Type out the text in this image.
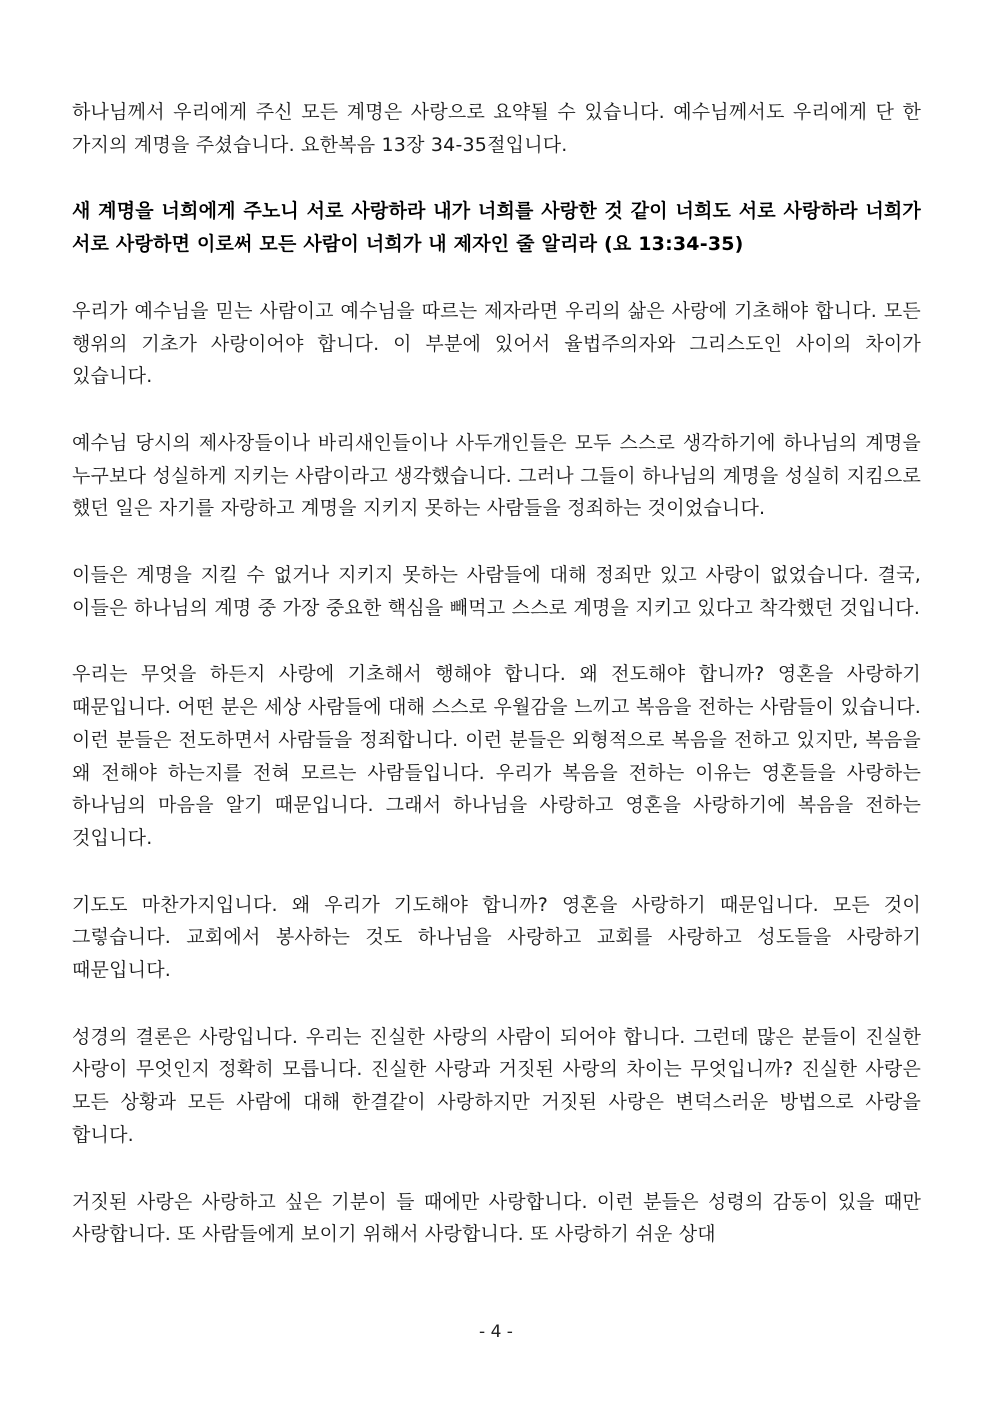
하나님께서 우리에게 주신 모든 계명은 사랑으로 요약될 수 있습니다. 예수님께서도 우리에게 단 한 가지의 계명을 주셨습니다. 요한복음 13장 34-35절입니다.

새 계명을 너희에게 주노니 서로 사랑하라 내가 너희를 사랑한 것 같이 너희도 서로 사랑하라 너희가 서로 사랑하면 이로써 모든 사람이 너희가 내 제자인 줄 알리라 (요 13:34-35)

우리가 예수님을 믿는 사람이고 예수님을 따르는 제자라면 우리의 삶은 사랑에 기초해야 합니다. 모든 행위의 기초가 사랑이어야 합니다. 이 부분에 있어서 율법주의자와 그리스도인 사이의 차이가 있습니다.

예수님 당시의 제사장들이나 바리새인들이나 사두개인들은 모두 스스로 생각하기에 하나님의 계명을 누구보다 성실하게 지키는 사람이라고 생각했습니다. 그러나 그들이 하나님의 계명을 성실히 지킴으로 했던 일은 자기를 자랑하고 계명을 지키지 못하는 사람들을 정죄하는 것이었습니다.

이들은 계명을 지킬 수 없거나 지키지 못하는 사람들에 대해 정죄만 있고 사랑이 없었습니다. 결국, 이들은 하나님의 계명 중 가장 중요한 핵심을 빼먹고 스스로 계명을 지키고 있다고 착각했던 것입니다.

우리는 무엇을 하든지 사랑에 기초해서 행해야 합니다. 왜 전도해야 합니까? 영혼을 사랑하기 때문입니다. 어떤 분은 세상 사람들에 대해 스스로 우월감을 느끼고 복음을 전하는 사람들이 있습니다. 이런 분들은 전도하면서 사람들을 정죄합니다. 이런 분들은 외형적으로 복음을 전하고 있지만, 복음을 왜 전해야 하는지를 전혀 모르는 사람들입니다. 우리가 복음을 전하는 이유는 영혼들을 사랑하는 하나님의 마음을 알기 때문입니다. 그래서 하나님을 사랑하고 영혼을 사랑하기에 복음을 전하는 것입니다.

기도도 마찬가지입니다. 왜 우리가 기도해야 합니까? 영혼을 사랑하기 때문입니다. 모든 것이 그렇습니다. 교회에서 봉사하는 것도 하나님을 사랑하고 교회를 사랑하고 성도들을 사랑하기 때문입니다.

성경의 결론은 사랑입니다. 우리는 진실한 사랑의 사람이 되어야 합니다. 그런데 많은 분들이 진실한 사랑이 무엇인지 정확히 모릅니다. 진실한 사랑과 거짓된 사랑의 차이는 무엇입니까? 진실한 사랑은 모든 상황과 모든 사람에 대해 한결같이 사랑하지만 거짓된 사랑은 변덕스러운 방법으로 사랑을 합니다.

거짓된 사랑은 사랑하고 싶은 기분이 들 때에만 사랑합니다. 이런 분들은 성령의 감동이 있을 때만 사랑합니다. 또 사람들에게 보이기 위해서 사랑합니다. 또 사랑하기 쉬운 상대

- 4 -
